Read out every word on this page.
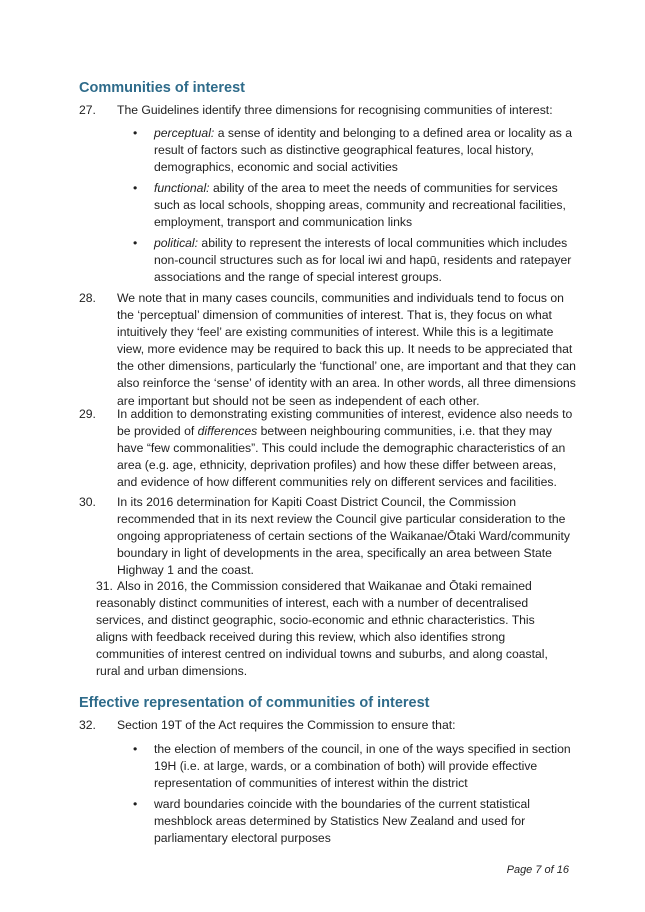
Communities of interest
27. The Guidelines identify three dimensions for recognising communities of interest:
• perceptual: a sense of identity and belonging to a defined area or locality as a result of factors such as distinctive geographical features, local history, demographics, economic and social activities
• functional: ability of the area to meet the needs of communities for services such as local schools, shopping areas, community and recreational facilities, employment, transport and communication links
• political: ability to represent the interests of local communities which includes non-council structures such as for local iwi and hapū, residents and ratepayer associations and the range of special interest groups.
28. We note that in many cases councils, communities and individuals tend to focus on the ‘perceptual’ dimension of communities of interest. That is, they focus on what intuitively they ‘feel’ are existing communities of interest. While this is a legitimate view, more evidence may be required to back this up. It needs to be appreciated that the other dimensions, particularly the ‘functional’ one, are important and that they can also reinforce the ‘sense’ of identity with an area. In other words, all three dimensions are important but should not be seen as independent of each other.
29. In addition to demonstrating existing communities of interest, evidence also needs to be provided of differences between neighbouring communities, i.e. that they may have “few commonalities”. This could include the demographic characteristics of an area (e.g. age, ethnicity, deprivation profiles) and how these differ between areas, and evidence of how different communities rely on different services and facilities.
30. In its 2016 determination for Kapiti Coast District Council, the Commission recommended that in its next review the Council give particular consideration to the ongoing appropriateness of certain sections of the Waikanae/Ōtaki Ward/community boundary in light of developments in the area, specifically an area between State Highway 1 and the coast.
31. Also in 2016, the Commission considered that Waikanae and Ōtaki remained reasonably distinct communities of interest, each with a number of decentralised services, and distinct geographic, socio-economic and ethnic characteristics. This aligns with feedback received during this review, which also identifies strong communities of interest centred on individual towns and suburbs, and along coastal, rural and urban dimensions.
Effective representation of communities of interest
32. Section 19T of the Act requires the Commission to ensure that:
• the election of members of the council, in one of the ways specified in section 19H (i.e. at large, wards, or a combination of both) will provide effective representation of communities of interest within the district
• ward boundaries coincide with the boundaries of the current statistical meshblock areas determined by Statistics New Zealand and used for parliamentary electoral purposes
Page 7 of 16
